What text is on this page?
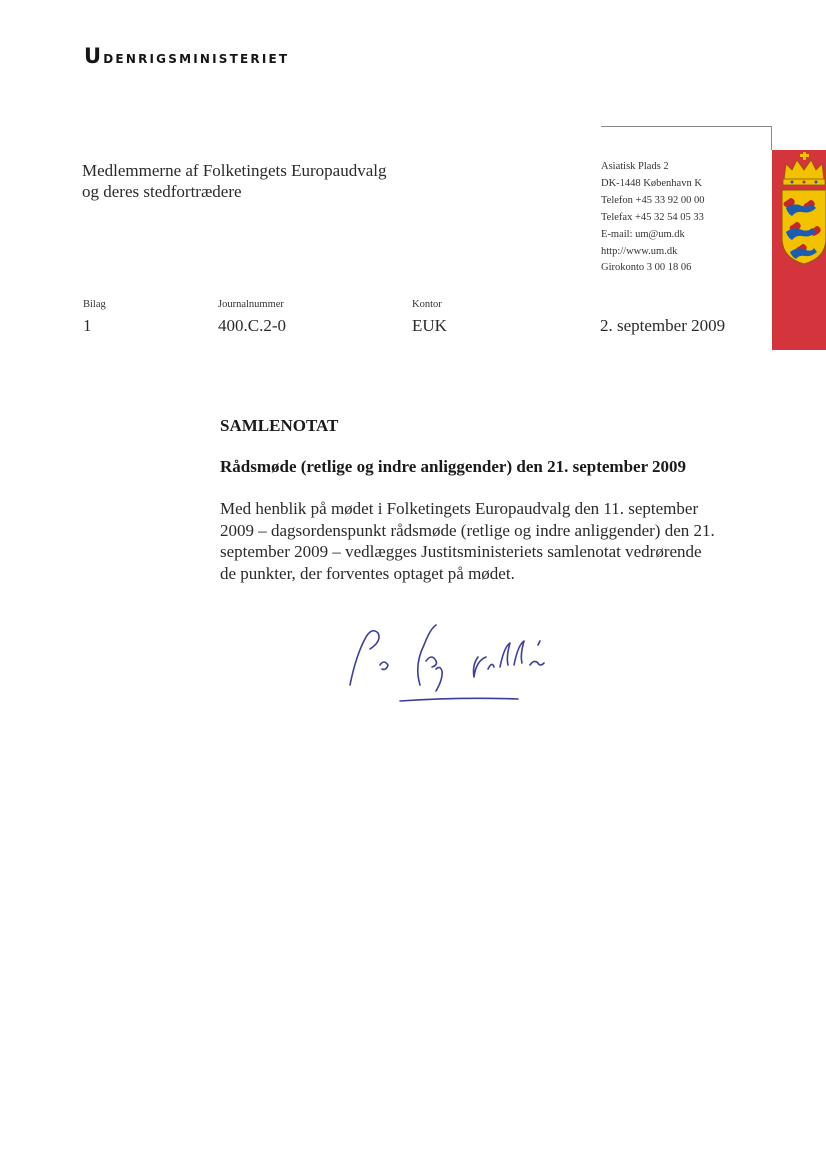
Udenrigsministeriet
Medlemmerne af Folketingets Europaudvalg
og deres stedfortrædere
Asiatisk Plads 2
DK-1448 København K
Telefon +45 33 92 00 00
Telefax +45 32 54 05 33
E-mail: um@um.dk
http://www.um.dk
Girokonto 3 00 18 06
Bilag
1
Journalnummer
400.C.2-0
Kontor
EUK	2. september 2009
SAMLENOTAT
Rådsmøde (retlige og indre anliggender) den 21. september 2009
Med henblik på mødet i Folketingets Europaudvalg den 11. september
2009 – dagsordenspunkt rådsmøde (retlige og indre anliggender) den 21.
september 2009 – vedlægges Justitsministeriets samlenotat vedrørende
de punkter, der forventes optaget på mødet.
